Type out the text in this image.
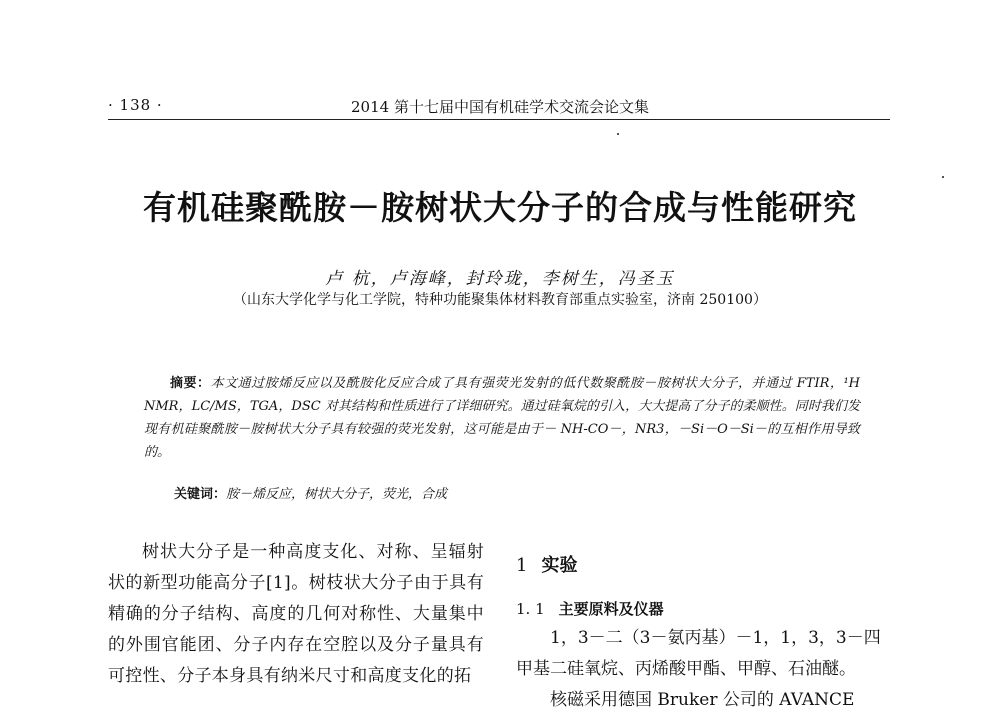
· 138 ·	2014 第十七届中国有机硅学术交流会论文集
有机硅聚酰胺－胺树状大分子的合成与性能研究
卢 杭，卢海峰，封玲珑，李树生，冯圣玉
（山东大学化学与化工学院，特种功能聚集体材料教育部重点实验室，济南 250100）

摘要：本文通过胺烯反应以及酰胺化反应合成了具有强荧光发射的低代数聚酰胺－胺树状大分子，并通过 FTIR，¹H NMR，LC/MS，TGA，DSC 对其结构和性质进行了详细研究。通过硅氧烷的引入，大大提高了分子的柔顺性。同时我们发现有机硅聚酰胺－胺树状大分子具有较强的荧光发射，这可能是由于－ NH-CO－，NR3，－Si－O－Si－的互相作用导致的。

关键词：胺－烯反应，树状大分子，荧光，合成

树状大分子是一种高度支化、对称、呈辐射状的新型功能高分子[1]。树枝状大分子由于具有精确的分子结构、高度的几何对称性、大量集中的外围官能团、分子内存在空腔以及分子量具有可控性、分子本身具有纳米尺寸和高度支化的拓

1 实验
1. 1 主要原料及仪器

1，3－二（3－氨丙基）－1，1，3，3－四

甲基二硅氧烷、丙烯酸甲酯、甲醇、石油醚。

核磁采用德国 Bruker 公司的 AVANCE
